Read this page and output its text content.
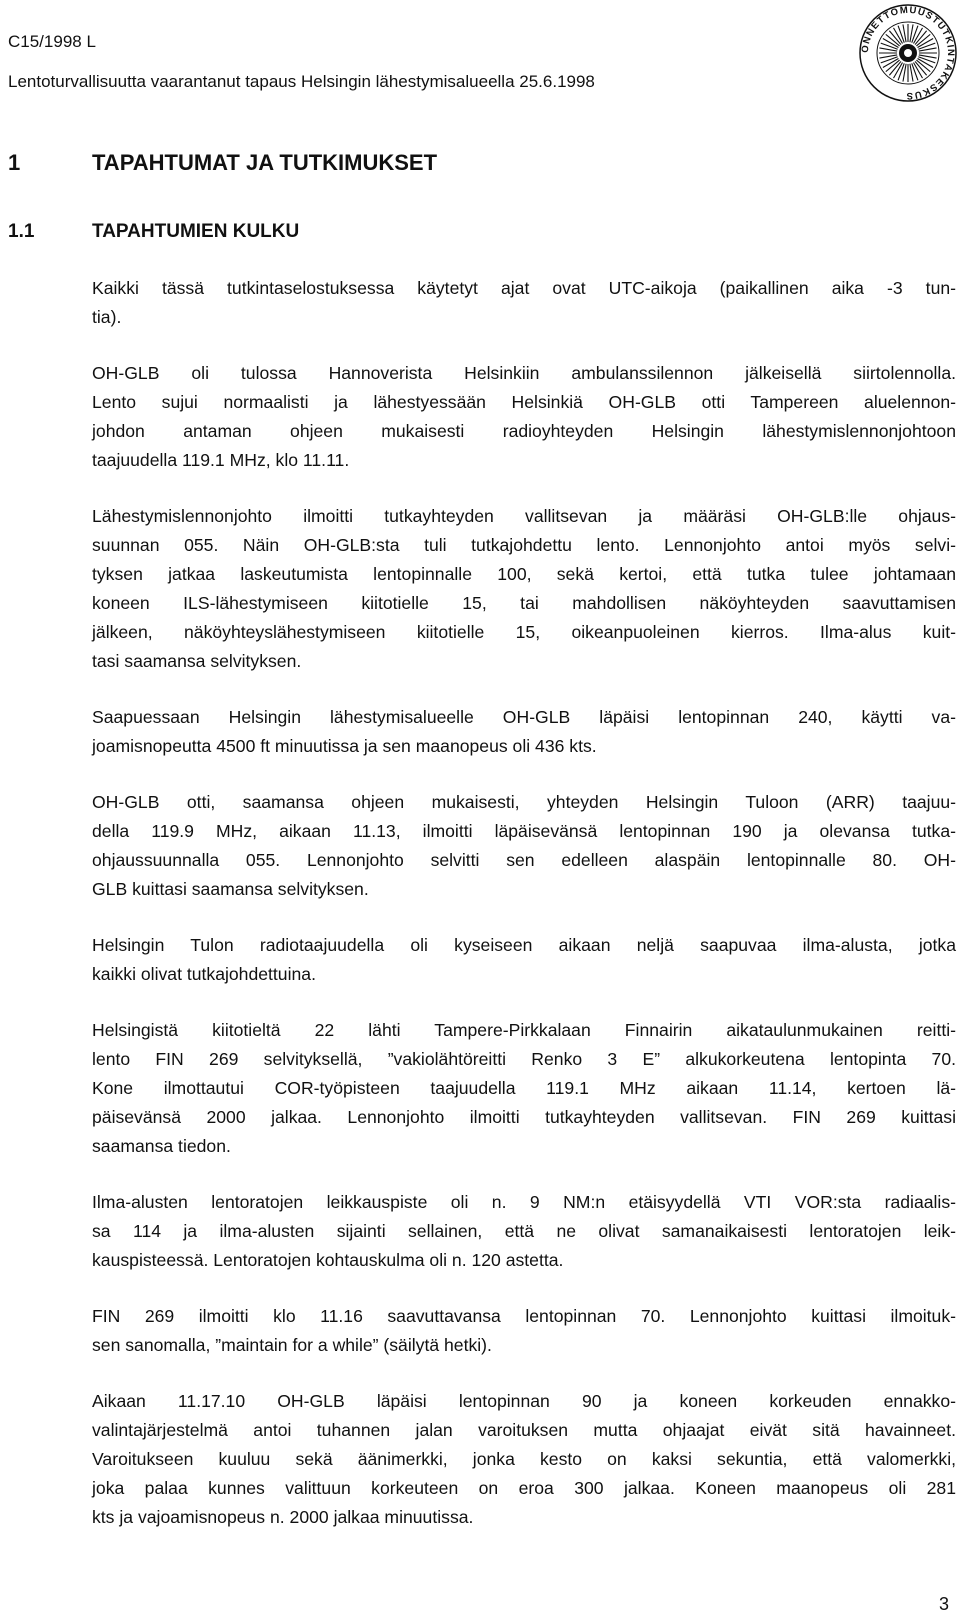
C15/1998 L
Lentoturvallisuutta vaarantanut tapaus Helsingin lähestymisalueella 25.6.1998
ONNETTOMUUSTUTKINTAKESKUS
1	TAPAHTUMAT JA TUTKIMUKSET
1.1	TAPAHTUMIEN KULKU
Kaikki tässä tutkintaselostuksessa käytetyt ajat ovat UTC-aikoja (paikallinen aika -3 tun-
tia).
OH-GLB oli tulossa Hannoverista Helsinkiin ambulanssilennon jälkeisellä siirtolennolla.
Lento sujui normaalisti ja lähestyessään Helsinkiä OH-GLB otti Tampereen aluelennon-
johdon antaman ohjeen mukaisesti radioyhteyden Helsingin lähestymislennonjohtoon
taajuudella 119.1 MHz, klo 11.11.
Lähestymislennonjohto ilmoitti tutkayhteyden vallitsevan ja määräsi OH-GLB:lle ohjaus-
suunnan 055. Näin OH-GLB:sta tuli tutkajohdettu lento. Lennonjohto antoi myös selvi-
tyksen jatkaa laskeutumista lentopinnalle 100, sekä kertoi, että tutka tulee johtamaan
koneen ILS-lähestymiseen kiitotielle 15, tai mahdollisen näköyhteyden saavuttamisen
jälkeen, näköyhteyslähestymiseen kiitotielle 15, oikeanpuoleinen kierros. Ilma-alus kuit-
tasi saamansa selvityksen.
Saapuessaan Helsingin lähestymisalueelle OH-GLB läpäisi lentopinnan 240, käytti va-
joamisnopeutta 4500 ft minuutissa ja sen maanopeus oli 436 kts.
OH-GLB otti, saamansa ohjeen mukaisesti, yhteyden Helsingin Tuloon (ARR) taajuu-
della 119.9 MHz, aikaan 11.13, ilmoitti läpäisevänsä lentopinnan 190 ja olevansa tutka-
ohjaussuunnalla 055. Lennonjohto selvitti sen edelleen alaspäin lentopinnalle 80. OH-
GLB kuittasi saamansa selvityksen.
Helsingin Tulon radiotaajuudella oli kyseiseen aikaan neljä saapuvaa ilma-alusta, jotka
kaikki olivat tutkajohdettuina.
Helsingistä kiitotieltä 22 lähti Tampere-Pirkkalaan Finnairin aikataulunmukainen reitti-
lento FIN 269 selvityksellä, ”vakiolähtöreitti Renko 3 E” alkukorkeutena lentopinta 70.
Kone ilmottautui COR-työpisteen taajuudella 119.1 MHz aikaan 11.14, kertoen lä-
päisevänsä 2000 jalkaa. Lennonjohto ilmoitti tutkayhteyden vallitsevan. FIN 269 kuittasi
saamansa tiedon.
Ilma-alusten lentoratojen leikkauspiste oli n. 9 NM:n etäisyydellä VTI VOR:sta radiaalis-
sa 114 ja ilma-alusten sijainti sellainen, että ne olivat samanaikaisesti lentoratojen leik-
kauspisteessä. Lentoratojen kohtauskulma oli n. 120 astetta.
FIN 269 ilmoitti klo 11.16 saavuttavansa lentopinnan 70. Lennonjohto kuittasi ilmoituk-
sen sanomalla, ”maintain for a while” (säilytä hetki).
Aikaan 11.17.10 OH-GLB läpäisi lentopinnan 90 ja koneen korkeuden ennakko-
valintajärjestelmä antoi tuhannen jalan varoituksen mutta ohjaajat eivät sitä havainneet.
Varoitukseen kuuluu sekä äänimerkki, jonka kesto on kaksi sekuntia, että valomerkki,
joka palaa kunnes valittuun korkeuteen on eroa 300 jalkaa. Koneen maanopeus oli 281
kts ja vajoamisnopeus n. 2000 jalkaa minuutissa.
3
